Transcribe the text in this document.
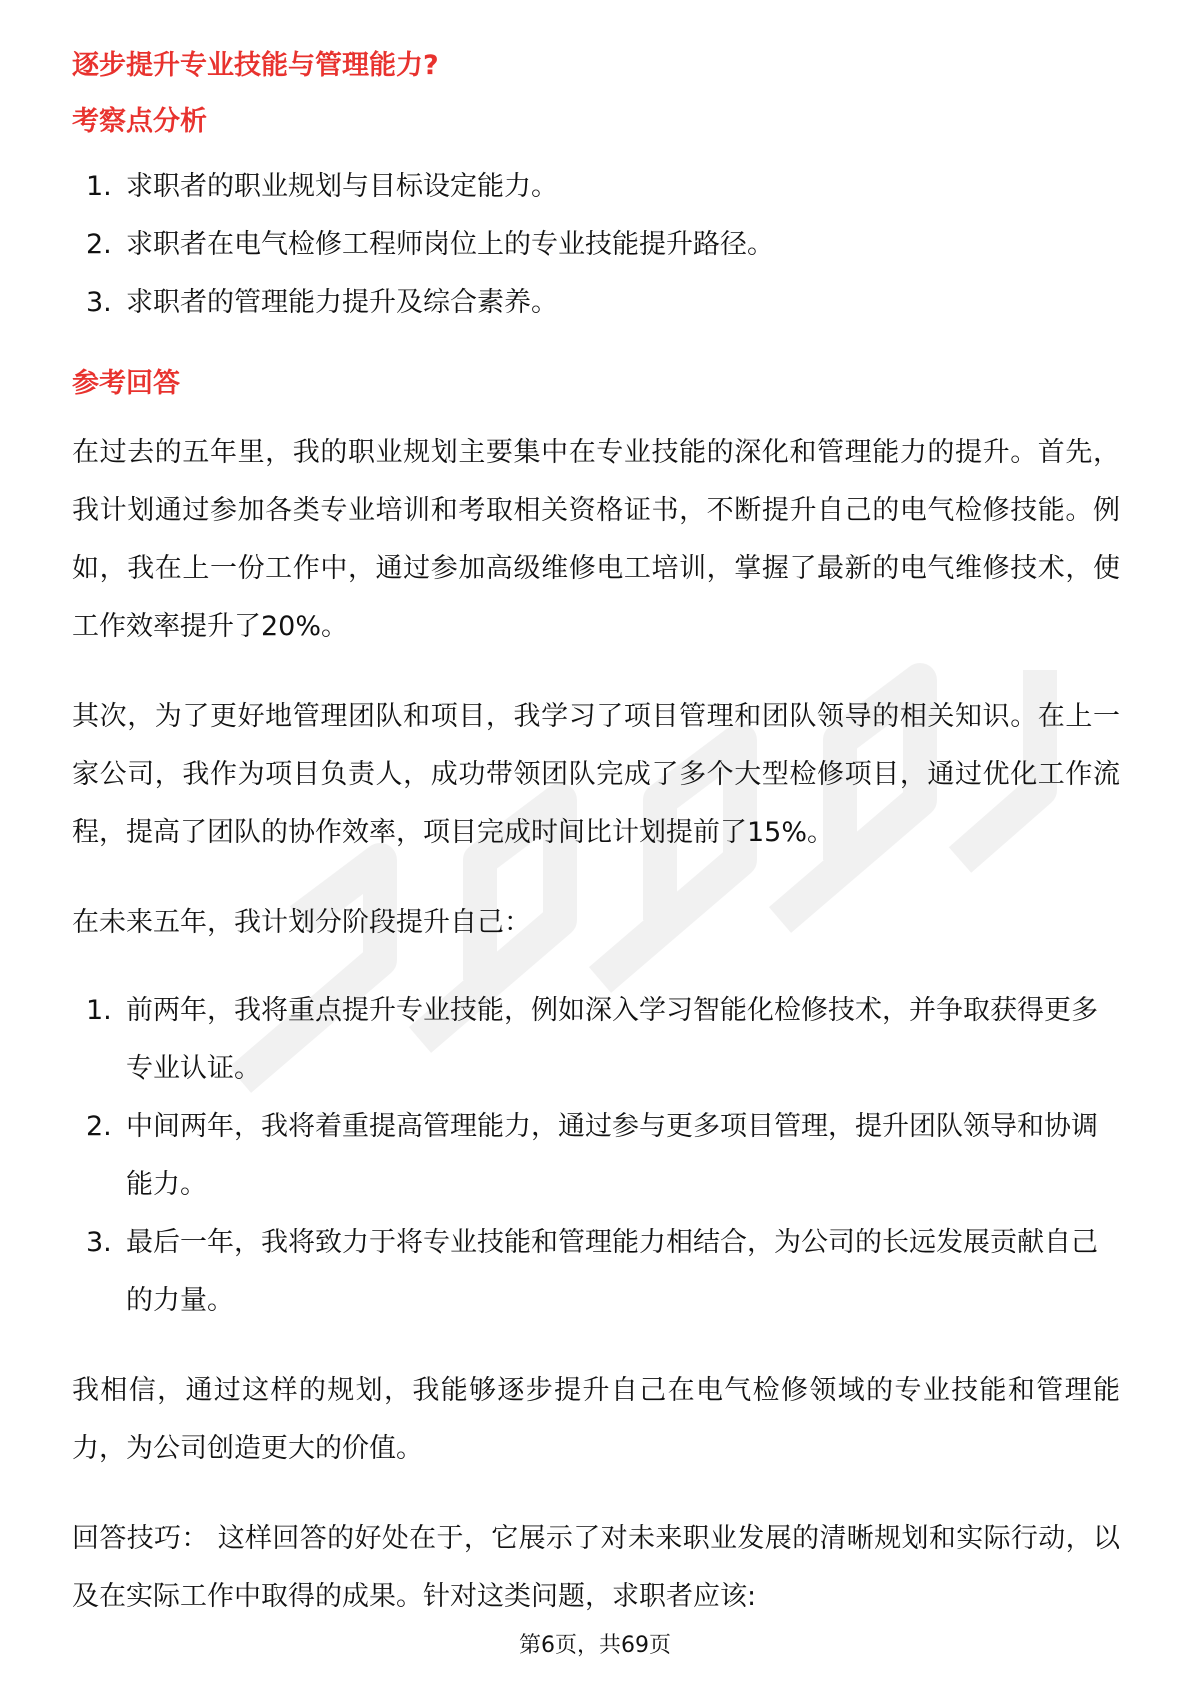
逐步提升专业技能与管理能力?
考察点分析
1. 求职者的职业规划与目标设定能力。
2. 求职者在电气检修工程师岗位上的专业技能提升路径。
3. 求职者的管理能力提升及综合素养。
参考回答

在过去的五年里，我的职业规划主要集中在专业技能的深化和管理能力的提升。首先，我计划通过参加各类专业培训和考取相关资格证书，不断提升自己的电气检修技能。例如，我在上一份工作中，通过参加高级维修电工培训，掌握了最新的电气维修技术，使工作效率提升了20%。

其次，为了更好地管理团队和项目，我学习了项目管理和团队领导的相关知识。在上一家公司，我作为项目负责人，成功带领团队完成了多个大型检修项目，通过优化工作流程，提高了团队的协作效率，项目完成时间比计划提前了15%。

在未来五年，我计划分阶段提升自己：

1. 前两年，我将重点提升专业技能，例如深入学习智能化检修技术，并争取获得更多专业认证。
2. 中间两年，我将着重提高管理能力，通过参与更多项目管理，提升团队领导和协调能力。
3. 最后一年，我将致力于将专业技能和管理能力相结合，为公司的长远发展贡献自己的力量。

我相信，通过这样的规划，我能够逐步提升自己在电气检修领域的专业技能和管理能力，为公司创造更大的价值。

回答技巧： 这样回答的好处在于，它展示了对未来职业发展的清晰规划和实际行动，以及在实际工作中取得的成果。针对这类问题，求职者应该:

第6页，共69页
